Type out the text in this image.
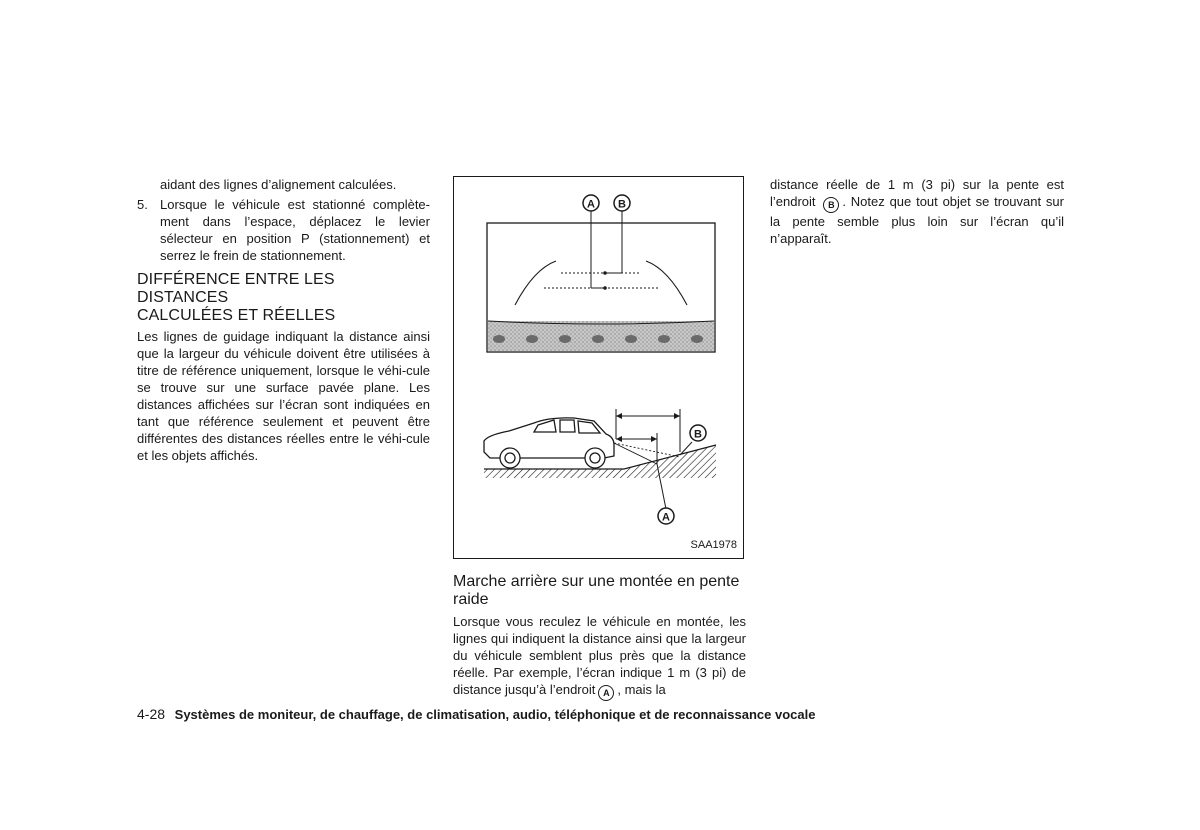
aidant des lignes d’alignement calculées.
5. Lorsque le véhicule est stationné complète-ment dans l’espace, déplacez le levier sélecteur en position P (stationnement) et serrez le frein de stationnement.
DIFFÉRENCE ENTRE LES DISTANCES
CALCULÉES ET RÉELLES
Les lignes de guidage indiquant la distance ainsi que la largeur du véhicule doivent être utilisées à titre de référence uniquement, lorsque le véhi-cule se trouve sur une surface pavée plane. Les distances affichées sur l’écran sont indiquées en tant que référence seulement et peuvent être différentes des distances réelles entre le véhi-cule et les objets affichés.
A B
B
A
SAA1978
Marche arrière sur une montée en pente raide
Lorsque vous reculez le véhicule en montée, les lignes qui indiquent la distance ainsi que la largeur du véhicule semblent plus près que la distance réelle. Par exemple, l’écran indique 1 m (3 pi) de distance jusqu’à l’endroit A , mais la
distance réelle de 1 m (3 pi) sur la pente est l’endroit B . Notez que tout objet se trouvant sur la pente semble plus loin sur l’écran qu’il n’apparaît.
4-28 Systèmes de moniteur, de chauffage, de climatisation, audio, téléphonique et de reconnaissance vocale
